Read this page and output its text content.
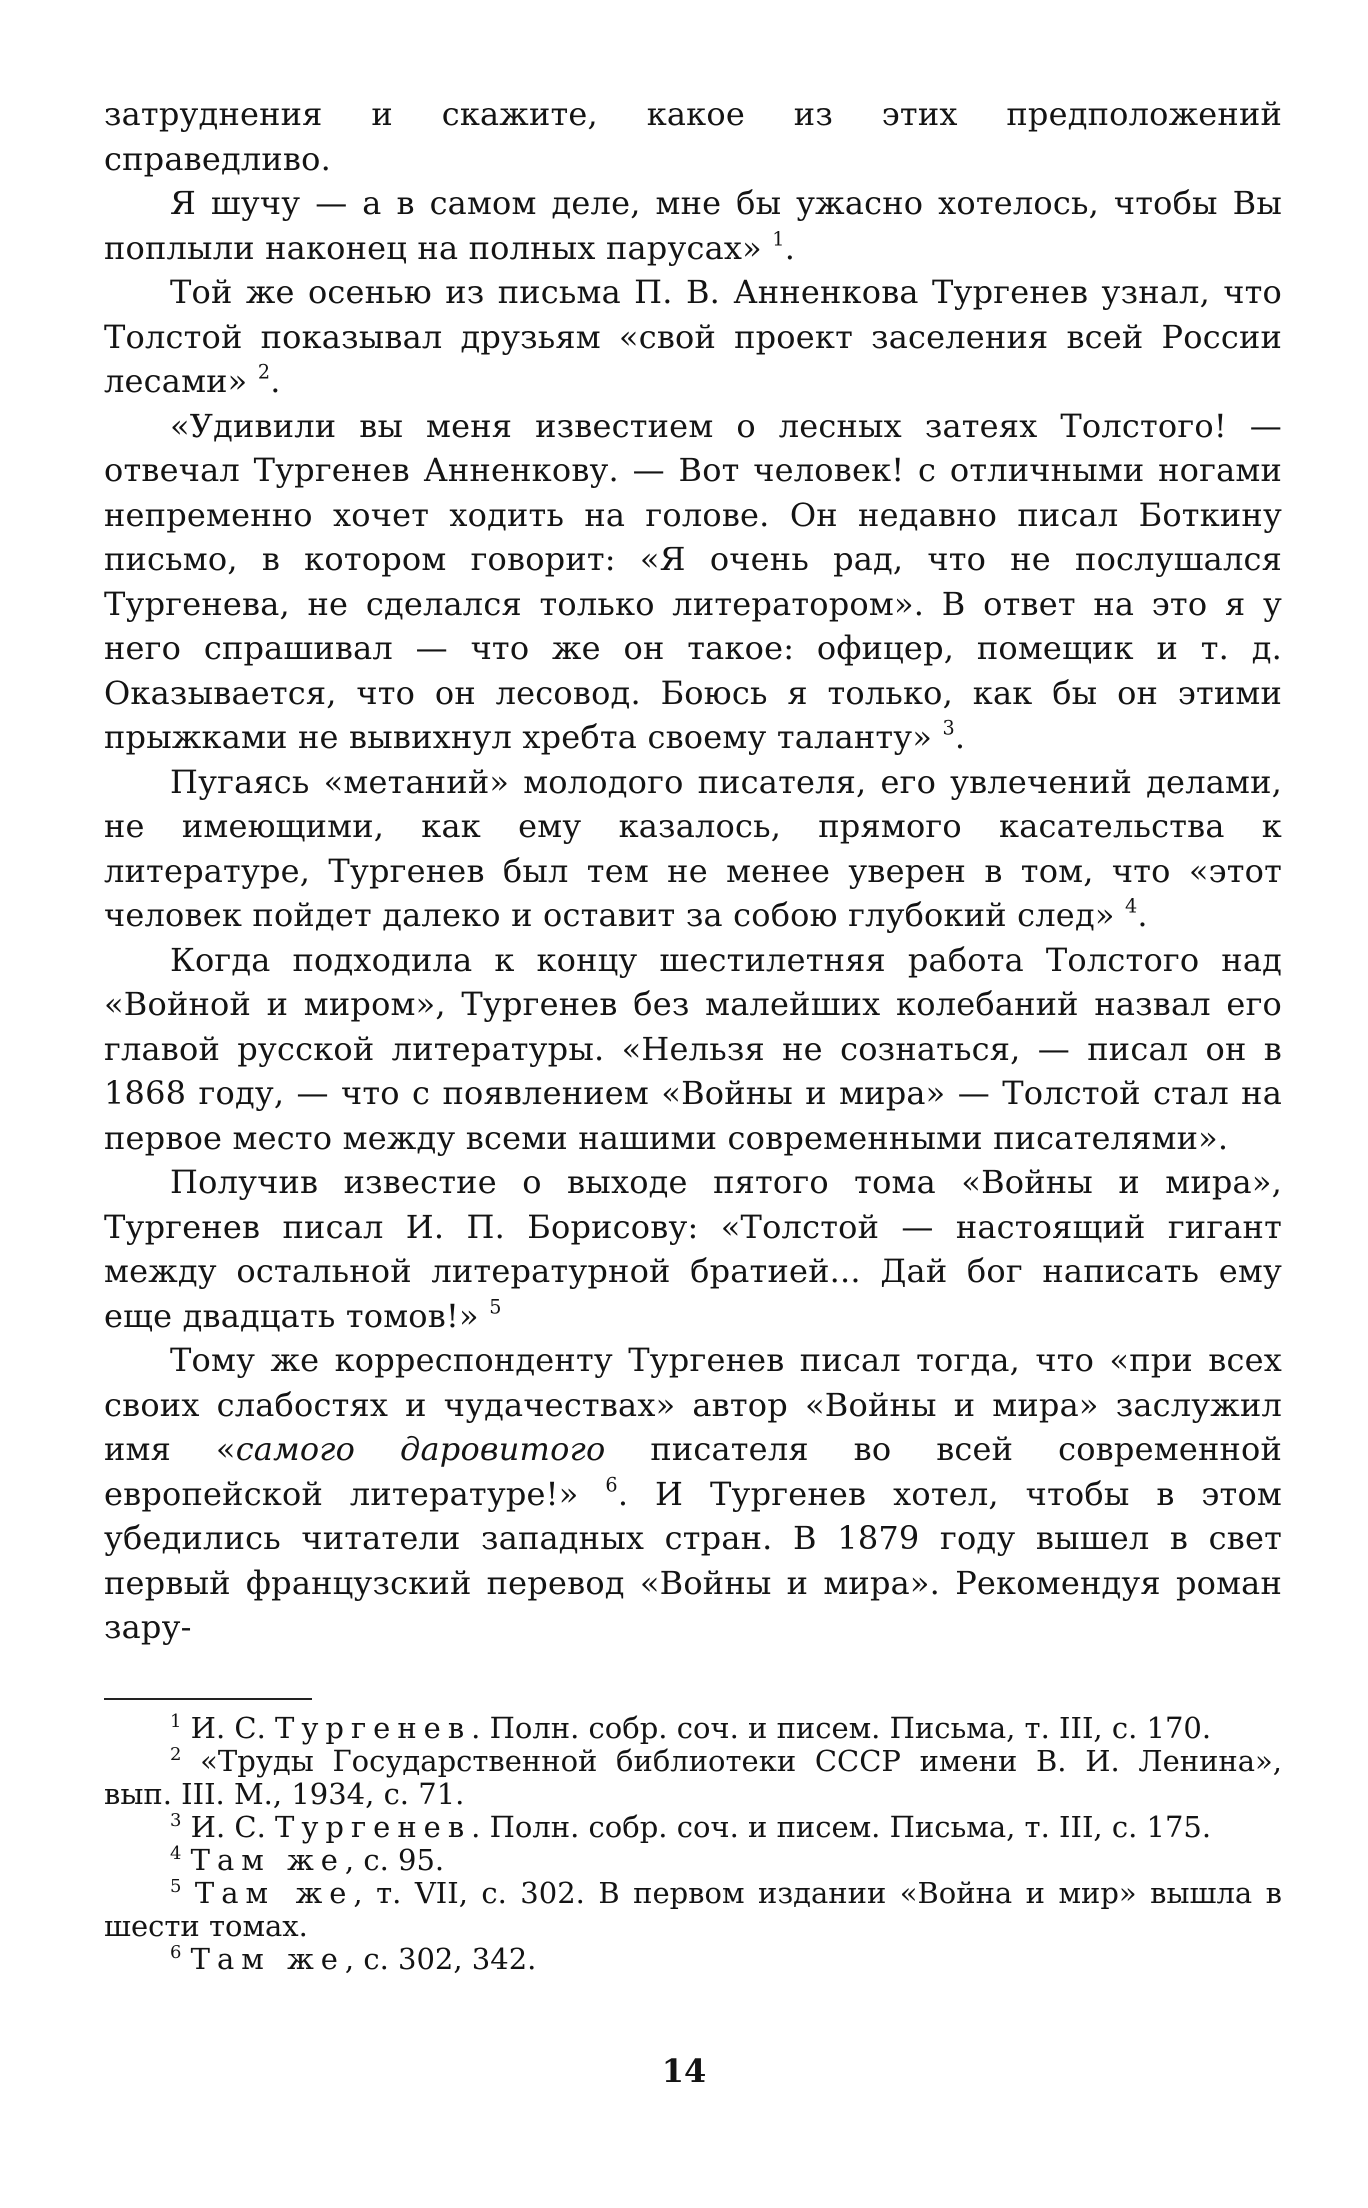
затруднения и скажите, какое из этих предположений справедливо.

Я шучу — а в самом деле, мне бы ужасно хотелось, чтобы Вы поплыли наконец на полных парусах» $^1$.

Той же осенью из письма П. В. Анненкова Тургенев узнал, что Толстой показывал друзьям «свой проект заселения всей России лесами» $^2$.

«Удивили вы меня известием о лесных затеях Толстого! — отвечал Тургенев Анненкову. — Вот человек! с отличными ногами непременно хочет ходить на голове. Он недавно писал Боткину письмо, в котором говорит: «Я очень рад, что не послушался Тургенева, не сделался только литератором». В ответ на это я у него спрашивал — что же он такое: офицер, помещик и т. д. Оказывается, что он лесовод. Боюсь я только, как бы он этими прыжками не вывихнул хребта своему таланту» $^3$.

Пугаясь «метаний» молодого писателя, его увлечений делами, не имеющими, как ему казалось, прямого касательства к литературе, Тургенев был тем не менее уверен в том, что «этот человек пойдет далеко и оставит за собою глубокий след» $^4$.

Когда подходила к концу шестилетняя работа Толстого над «Войной и миром», Тургенев без малейших колебаний назвал его главой русской литературы. «Нельзя не сознаться, — писал он в 1868 году, — что с появлением «Войны и мира» — Толстой стал на первое место между всеми нашими современными писателями».

Получив известие о выходе пятого тома «Войны и мира», Тургенев писал И. П. Борисову: «Толстой — настоящий гигант между остальной литературной братией... Дай бог написать ему еще двадцать томов!» $^5$

Тому же корреспонденту Тургенев писал тогда, что «при всех своих слабостях и чудачествах» автор «Войны и мира» заслужил имя «самого даровитого писателя во всей современной европейской литературе!» $^6$. И Тургенев хотел, чтобы в этом убедились читатели западных стран. В 1879 году вышел в свет первый французский перевод «Войны и мира». Рекомендуя роман зару-

$^1$ И. С. Тургенев. Полн. собр. соч. и писем. Письма, т. III, с. 170.

$^2$ «Труды Государственной библиотеки СССР имени В. И. Ленина», вып. III. М., 1934, с. 71.

$^3$ И. С. Тургенев. Полн. собр. соч. и писем. Письма, т. III, с. 175.

$^4$ Там же, с. 95.

$^5$ Там же, т. VII, с. 302. В первом издании «Война и мир» вышла в шести томах.

$^6$ Там же, с. 302, 342.

14
